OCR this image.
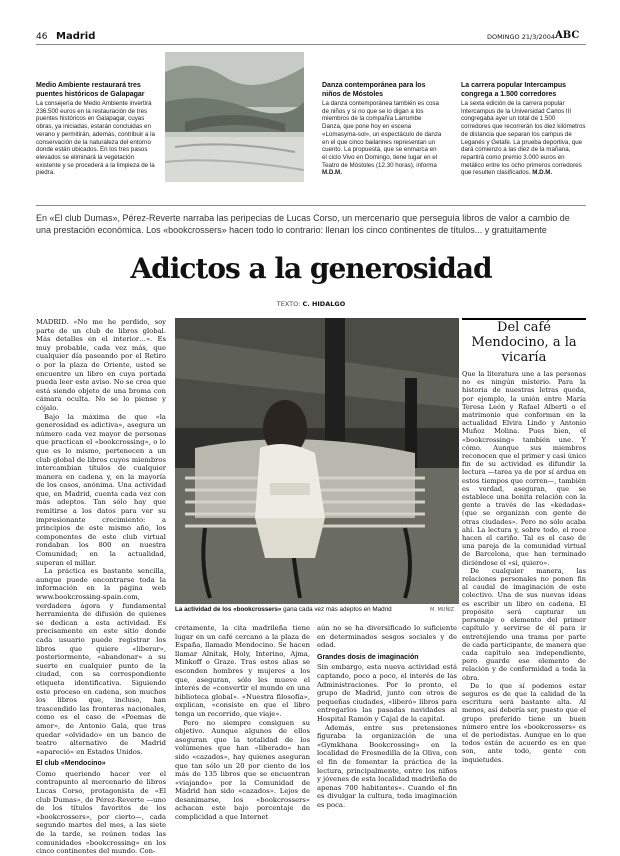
46 Madrid	DOMINGO 21/3/2004 ABC
Medio Ambiente restaurará tres puentes históricos de Galapagar

La consejería de Medio Ambiente invertirá 236.500 euros en la restauración de tres puentes históricos en Galapagar, cuyas obras, ya iniciadas, estarán concluidas en verano y permitirán, además, contribuir a la conservación de la naturaleza del entorno donde están ubicados. En los tres pasos elevados se eliminará la vegetación existente y se procederá a la limpieza de la piedra.

Danza contemporánea para los niños de Móstoles

La danza contemporánea también es cosa de niños y si no que se lo digan a los miembros de la compañía Larrumbe Danza, que pone hoy en escena «Lomasyma-sol», un espectáculo de danza en el que cinco bailarines representan un cuento. La propuesta, que se enmarca en el ciclo Vivo en Domingo, tiene lugar en el Teatro de Móstoles (12.30 horas), informa M.D.M.

La carrera popular Intercampus congrega a 1.500 corredores

La sexta edición de la carrera popular Intercampus de la Universidad Carlos III congregaba ayer un total de 1.500 corredores que recorrerán los diez kilómetros de distancia que separan los campus de Leganés y Getafe. La prueba deportiva, que dará comienzo a las diez de la mañana, repartirá como premio 3.000 euros en metálico entre los ocho primeros corredores que resulten clasificados. M.D.M.

En «El club Dumas», Pérez-Reverte narraba las peripecias de Lucas Corso, un mercenario que perseguía libros de valor a cambio de una prestación económica. Los «bookcrossers» hacen todo lo contrario: llenan los cinco continentes de títulos... y gratuitamente
Adictos a la generosidad
TEXTO: C. HIDALGO

MADRID. «No me he perdido, soy parte de un club de libros global. Más detalles en el interior…». Es muy probable, cada vez más, que cualquier día paseando por el Retiro o por la plaza de Oriente, usted se encuentre un libro en cuya portada pueda leer este aviso. No se crea que está siendo objeto de una broma con cámara oculta. No se lo piense y cójalo.

Bajo la máxima de que «la generosidad es adictiva», asegura un número cada vez mayor de personas que practican el «bookcrossing», o lo que es lo mismo, pertenecen a un club global de libros cuyos miembros intercambian títulos de cualquier manera en cadena y, en la mayoría de los casos, anónima. Una actividad que, en Madrid, cuenta cada vez con más adeptos. Tan sólo hay que remitirse a los datos para ver su impresionante crecimiento: a principios de este mismo año, los componentes de este club virtual rondaban los 800 en nuestra Comunidad; en la actualidad, superan el millar.

La práctica es bastante sencilla, aunque puede encontrarse toda la información en la página web www.bookcrossing-spain.com, verdadera ágora y fundamental herramienta de difusión de quienes se dedican a esta actividad. Es precisamente en este sitio donde cada usuario puede registrar los libros que quiere «liberar», posteriormente, «abandonar» a su suerte en cualquier punto de la ciudad, con sa correspondiente etiqueta identificativa. Siguiendo este proceso en cadena, son muchos los libros que, incluso, han trascendido las fronteras nacionales, como es el caso de «Poemas de amor», de Antonio Gala, que tras quedar «olvidado» en un banco de teatro alternativo de Madrid «apareció» en Estados Unidos.

El club «Mendocino»

Como queriendo hacer ver el contrapunto al mercenario de libros Lucas Corso, protagonista de «El club Dumas», de Pérez-Reverte —uno de los títulos favoritos de los «bookcrossers», por cierto—, cada segundo martes del mes, a las siete de la tarde, se reúnen todas las comunidades «bookcrossing» en los cinco continentes del mundo. Con-

La actividad de los «bookcrossers» gana cada vez más adeptos en Madrid	M. MUÑIZ

cretamente, la cita madrileña tiene lugar en un café cercano a la plaza de España, llamado Mendocino. Se hacen llamar Alnitak, Holy, Interino, Ajma, Minkoff o Graze. Tras estos alias se esconden hombres y mujeres a los que, aseguran, sólo les mueve el interés de «convertir el mundo en una biblioteca global». «Nuestra filosofía», explican, «consiste en que el libro tenga un recorrido, que viaje».

Pero no siempre consiguen su objetivo. Aunque algunos de ellos aseguran que la totalidad de los volúmenes que han «liberado» han sido «cazados», hay quienes aseguran que tan sólo un 20 por ciento de los más de 135 libros que se encuentran «viajando» por la Comunidad de Madrid han sido «cazados». Lejos de desanimarse, los «bookcrossers» achacan este bajo porcentaje de complicidad a que Internet

aún no se ha diversificado lo suficiente en determinados sesgos sociales y de edad.

Grandes dosis de imaginación

Sin embargo, esta nueva actividad está captando, poco a poco, el interés de las Administraciones. Por lo pronto, el grupo de Madrid, junto con otros de pequeñas ciudades, «liberó» libros para entregarlos las pasadas navidades al Hospital Ramón y Cajal de la capital.

Además, entre sus pretensiones figuraba la organización de una «Gymkhana Bookcrossing» en la localidad de Fresnedilla de la Oliva, con el fin de fomentar la práctica de la lectura, principalmente, entre los niños y jóvenes de esta localidad madrileña de apenas 700 habitantes». Cuando el fin es divulgar la cultura, toda imaginación es poca.

Del café Mendocino, a la vicaría

Que la literatura une a las personas no es ningún misterio. Para la historia de nuestras letras queda, por ejemplo, la unión entre María Teresa León y Rafael Alberti o el matrimonio que conforman en la actualidad Elvira Lindo y Antonio Muñoz Molina. Pues bien, el «bookcrossing» también une. Y cómo. Aunque sus miembros reconocen que el primer y casi único fin de su actividad es difundir la lectura —tarea ya de por sí ardua en estos tiempos que corren—, también es verdad, aseguran, que se establece una bonita relación con la gente a través de las «kedadas» (que se organizan con gente de otras ciudades». Pero no sólo acaba ahí. La lectura y, sobre todo, el roce hacen el cariño. Tal es el caso de una pareja de la comunidad virtual de Barcelona, que han terminado diciéndose el «sí, quiero».

De cualquier manera, las relaciones personales no ponen fin al caudal de imaginación de este colectivo. Una de sus nuevas ideas es escribir un libro en cadena. El propósito será capturar un personaje o elemento del primer capítulo y servirse de él para ir entretejiendo una trama por parte de cada participante, de manera que cada capítulo sea independiente, pero guarde ese elemento de relación y de conformidad a toda la obra.

De lo que sí podemos estar seguros es de que la calidad de la escritura será bastante alta. Al menos, así debería ser, puesto que el grupo preferido tiene un buen número entre los «bookcrossers» es el de periodistas. Aunque en lo que todos están de acuerdo es en que son, ante todo, gente con inquietudes.
